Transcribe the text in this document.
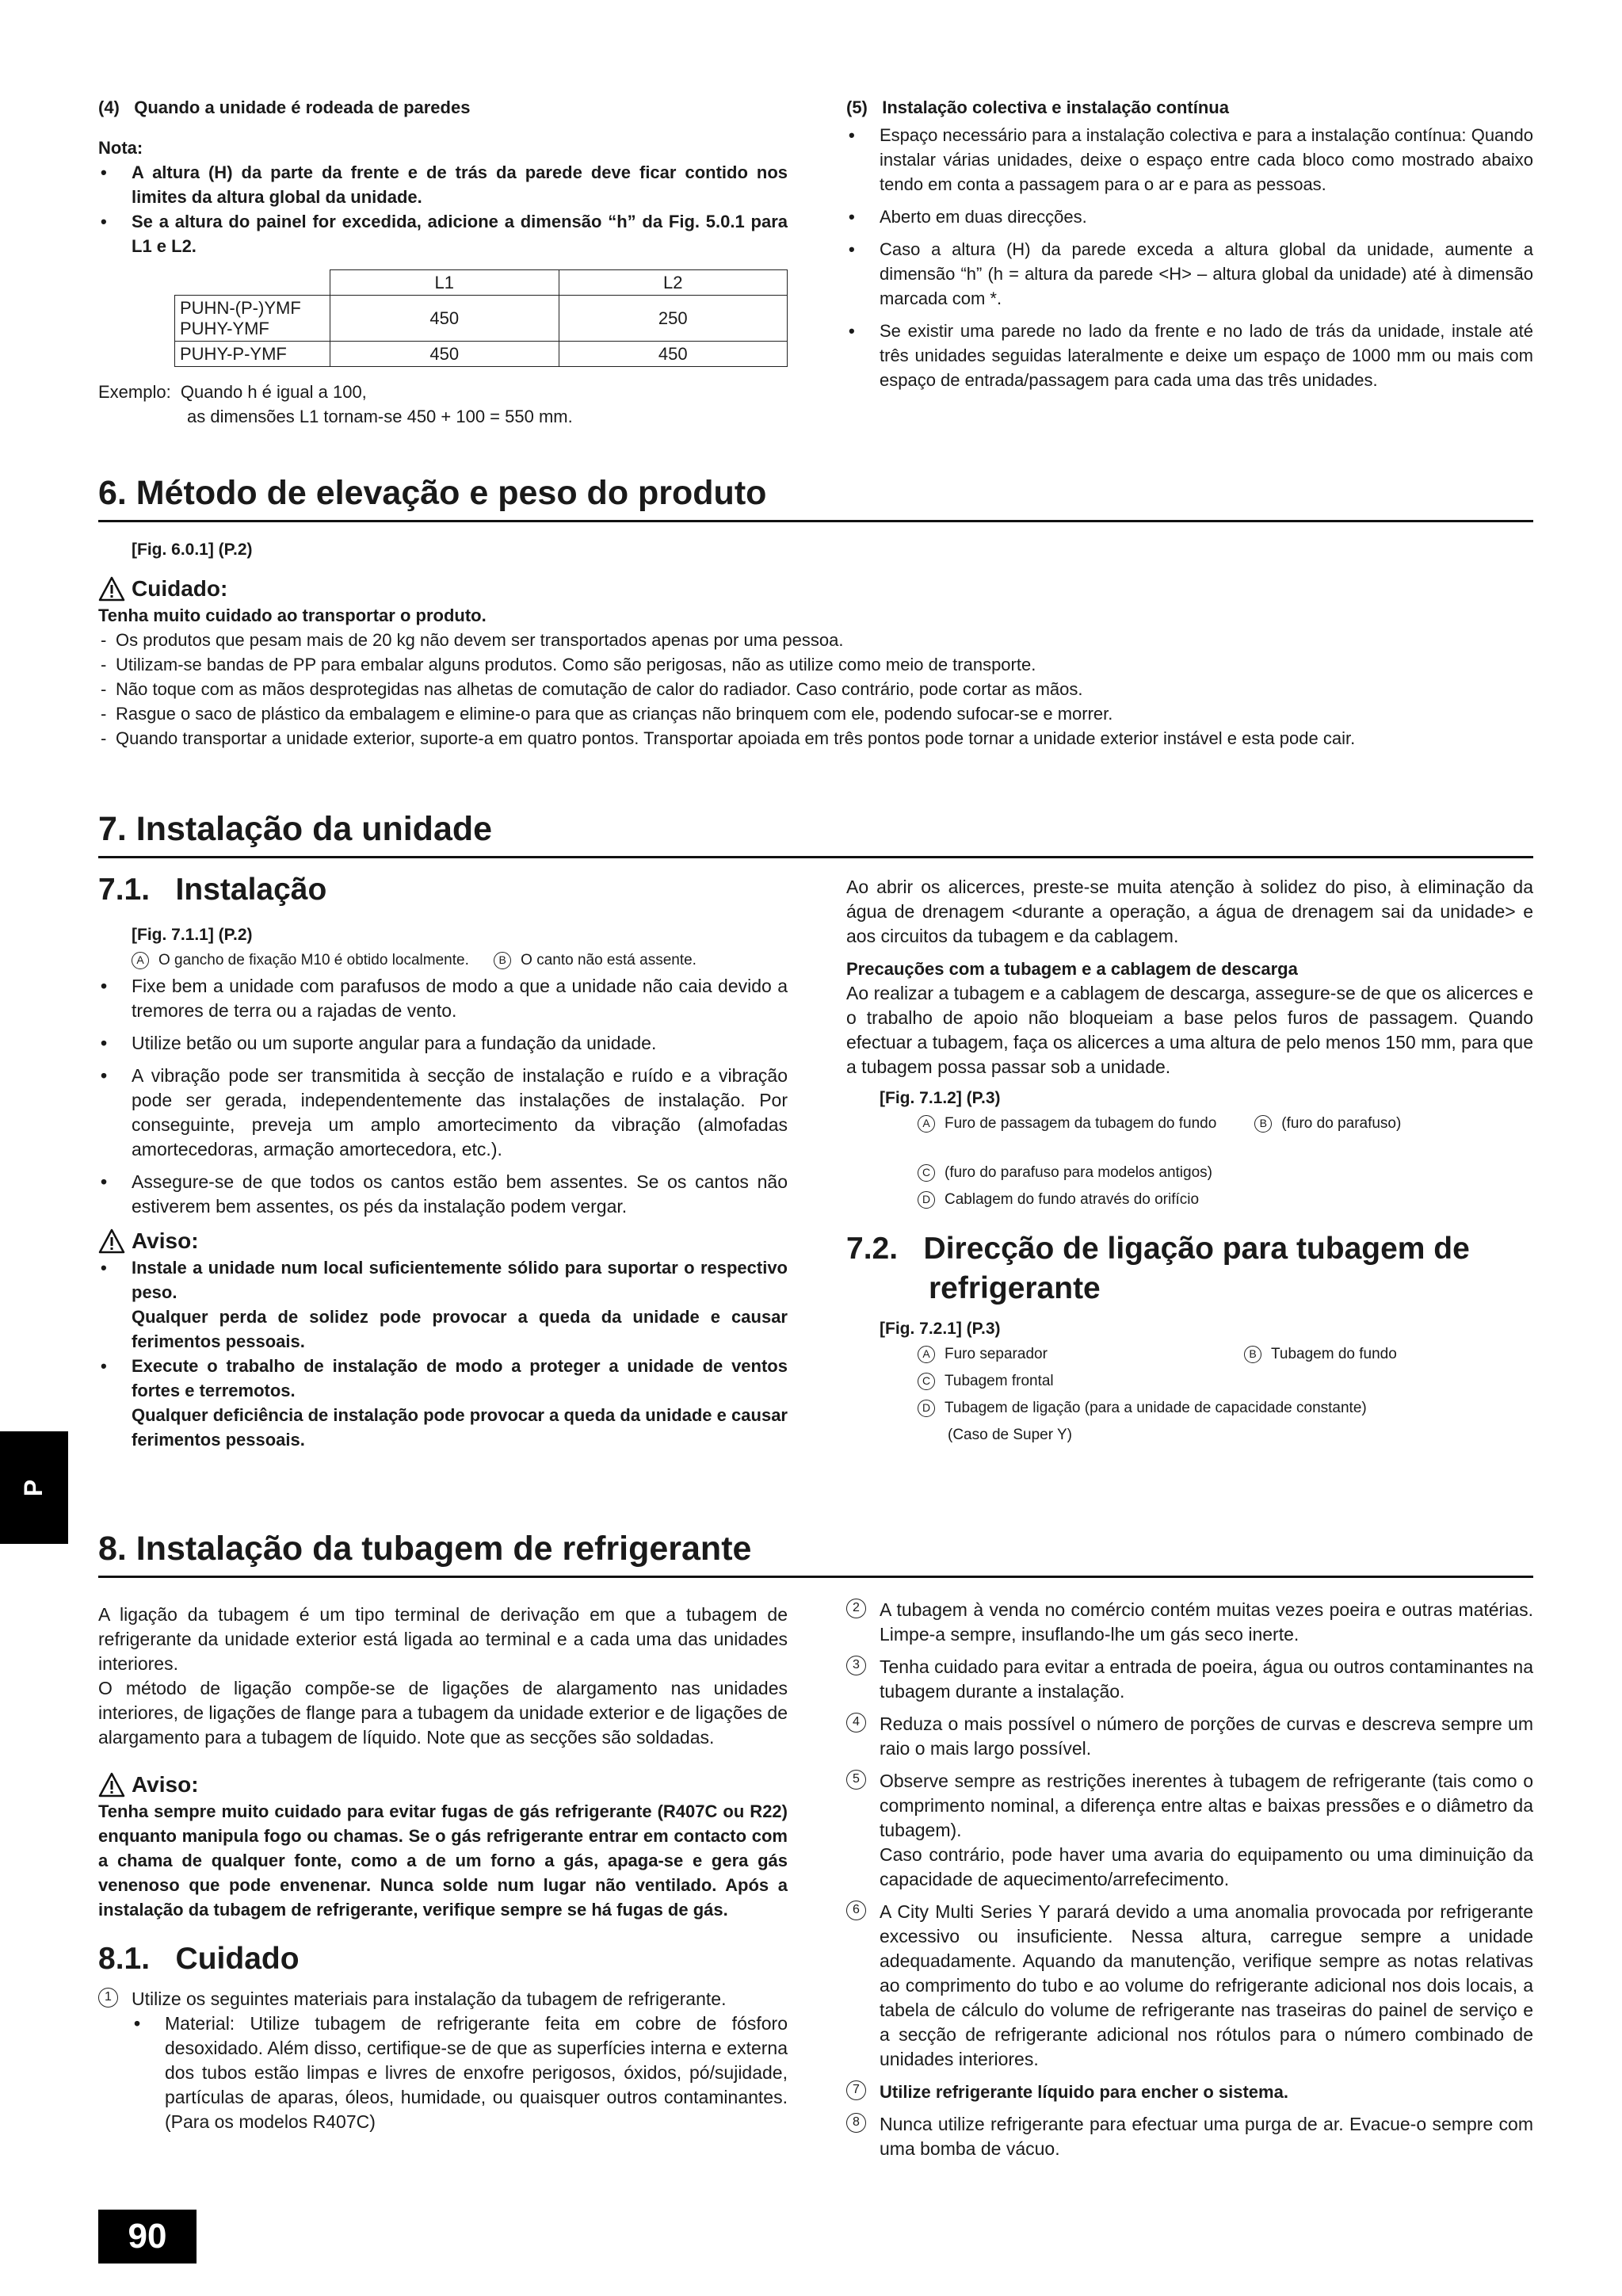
(4)   Quando a unidade é rodeada de paredes
Nota:
• A altura (H) da parte da frente e de trás da parede deve ficar contido nos limites da altura global da unidade.
• Se a altura do painel for excedida, adicione a dimensão “h” da Fig. 5.0.1 para L1 e L2.
	L1	L2
PUHN-(P-)YMF
PUHY-YMF	450	250
PUHY-P-YMF	450	450
Exemplo:  Quando h é igual a 100,
as dimensões L1 tornam-se 450 + 100 = 550 mm.
(5)   Instalação colectiva e instalação contínua
• Espaço necessário para a instalação colectiva e para a instalação contínua: Quando instalar várias unidades, deixe o espaço entre cada bloco como mostrado abaixo tendo em conta a passagem para o ar e para as pessoas.
• Aberto em duas direcções.
• Caso a altura (H) da parede exceda a altura global da unidade, aumente a dimensão “h” (h = altura da parede <H> – altura global da unidade) até à dimensão marcada com *.
• Se existir uma parede no lado da frente e no lado de trás da unidade, instale até três unidades seguidas lateralmente e deixe um espaço de 1000 mm ou mais com espaço de entrada/passagem para cada uma das três unidades.
6. Método de elevação e peso do produto
[Fig. 6.0.1] (P.2)
Cuidado:
Tenha muito cuidado ao transportar o produto.
- Os produtos que pesam mais de 20 kg não devem ser transportados apenas por uma pessoa.
- Utilizam-se bandas de PP para embalar alguns produtos. Como são perigosas, não as utilize como meio de transporte.
- Não toque com as mãos desprotegidas nas alhetas de comutação de calor do radiador. Caso contrário, pode cortar as mãos.
- Rasgue o saco de plástico da embalagem e elimine-o para que as crianças não brinquem com ele, podendo sufocar-se e morrer.
- Quando transportar a unidade exterior, suporte-a em quatro pontos. Transportar apoiada em três pontos pode tornar a unidade exterior instável e esta pode cair.
7. Instalação da unidade
7.1.   Instalação
[Fig. 7.1.1] (P.2)
A O gancho de fixação M10 é obtido localmente.	B O canto não está assente.
• Fixe bem a unidade com parafusos de modo a que a unidade não caia devido a tremores de terra ou a rajadas de vento.
• Utilize betão ou um suporte angular para a fundação da unidade.
• A vibração pode ser transmitida à secção de instalação e ruído e a vibração pode ser gerada, independentemente das instalações de instalação. Por conseguinte, preveja um amplo amortecimento da vibração (almofadas amortecedoras, armação amortecedora, etc.).
• Assegure-se de que todos os cantos estão bem assentes. Se os cantos não estiverem bem assentes, os pés da instalação podem vergar.
Aviso:
• Instale a unidade num local suficientemente sólido para suportar o respectivo peso.
Qualquer perda de solidez pode provocar a queda da unidade e causar ferimentos pessoais.
• Execute o trabalho de instalação de modo a proteger a unidade de ventos fortes e terremotos.
Qualquer deficiência de instalação pode provocar a queda da unidade e causar ferimentos pessoais.
Ao abrir os alicerces, preste-se muita atenção à solidez do piso, à eliminação da água de drenagem <durante a operação, a água de drenagem sai da unidade> e aos circuitos da tubagem e da cablagem.
Precauções com a tubagem e a cablagem de descarga
Ao realizar a tubagem e a cablagem de descarga, assegure-se de que os alicerces e o trabalho de apoio não bloqueiam a base pelos furos de passagem. Quando efectuar a tubagem, faça os alicerces a uma altura de pelo menos 150 mm, para que a tubagem possa passar sob a unidade.
[Fig. 7.1.2] (P.3)
A Furo de passagem da tubagem do fundo	B (furo do parafuso)
C (furo do parafuso para modelos antigos)
D Cablagem do fundo através do orifício
7.2.   Direcção de ligação para tubagem de
refrigerante
[Fig. 7.2.1] (P.3)
A Furo separador	B Tubagem do fundo
C Tubagem frontal
D Tubagem de ligação (para a unidade de capacidade constante)
(Caso de Super Y)
P
8. Instalação da tubagem de refrigerante
A ligação da tubagem é um tipo terminal de derivação em que a tubagem de refrigerante da unidade exterior está ligada ao terminal e a cada uma das unidades interiores.
O método de ligação compõe-se de ligações de alargamento nas unidades interiores, de ligações de flange para a tubagem da unidade exterior e de ligações de alargamento para a tubagem de líquido. Note que as secções são soldadas.
Aviso:
Tenha sempre muito cuidado para evitar fugas de gás refrigerante (R407C ou R22) enquanto manipula fogo ou chamas. Se o gás refrigerante entrar em contacto com a chama de qualquer fonte, como a de um forno a gás, apaga-se e gera gás venenoso que pode envenenar. Nunca solde num lugar não ventilado. Após a instalação da tubagem de refrigerante, verifique sempre se há fugas de gás.
8.1.   Cuidado
1	Utilize os seguintes materiais para instalação da tubagem de refrigerante.
• Material: Utilize tubagem de refrigerante feita em cobre de fósforo desoxidado. Além disso, certifique-se de que as superfícies interna e externa dos tubos estão limpas e livres de enxofre perigosos, óxidos, pó/sujidade, partículas de aparas, óleos, humidade, ou quaisquer outros contaminantes. (Para os modelos R407C)
2	A tubagem à venda no comércio contém muitas vezes poeira e outras matérias. Limpe-a sempre, insuflando-lhe um gás seco inerte.
3	Tenha cuidado para evitar a entrada de poeira, água ou outros contaminantes na tubagem durante a instalação.
4	Reduza o mais possível o número de porções de curvas e descreva sempre um raio o mais largo possível.
5	Observe sempre as restrições inerentes à tubagem de refrigerante (tais como o comprimento nominal, a diferença entre altas e baixas pressões e o diâmetro da tubagem).
Caso contrário, pode haver uma avaria do equipamento ou uma diminuição da capacidade de aquecimento/arrefecimento.
6	A City Multi Series Y parará devido a uma anomalia provocada por refrigerante excessivo ou insuficiente. Nessa altura, carregue sempre a unidade adequadamente. Aquando da manutenção, verifique sempre as notas relativas ao comprimento do tubo e ao volume do refrigerante adicional nos dois locais, a tabela de cálculo do volume de refrigerante nas traseiras do painel de serviço e a secção de refrigerante adicional nos rótulos para o número combinado de unidades interiores.
7	Utilize refrigerante líquido para encher o sistema.
8	Nunca utilize refrigerante para efectuar uma purga de ar. Evacue-o sempre com uma bomba de vácuo.
90
